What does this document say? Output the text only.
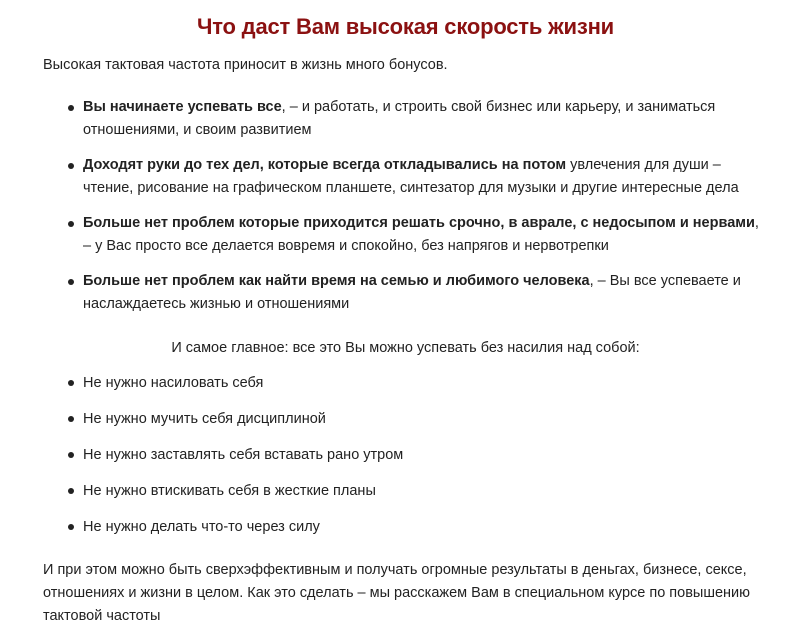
Что даст Вам высокая скорость жизни

Высокая тактовая частота приносит в жизнь много бонусов.

Вы начинаете успевать все, – и работать, и строить свой бизнес или карьеру, и заниматься отношениями, и своим развитием
Доходят руки до тех дел, которые всегда откладывались на потом увлечения для души – чтение, рисование на графическом планшете, синтезатор для музыки и другие интересные дела
Больше нет проблем которые приходится решать срочно, в аврале, с недосыпом и нервами, – у Вас просто все делается вовремя и спокойно, без напрягов и нервотрепки
Больше нет проблем как найти время на семью и любимого человека, – Вы все успеваете и наслаждаетесь жизнью и отношениями

И самое главное: все это Вы можно успевать без насилия над собой:

Не нужно насиловать себя
Не нужно мучить себя дисциплиной
Не нужно заставлять себя вставать рано утром
Не нужно втискивать себя в жесткие планы
Не нужно делать что-то через силу

И при этом можно быть сверхэффективным и получать огромные результаты в деньгах, бизнесе, сексе, отношениях и жизни в целом. Как это сделать – мы расскажем Вам в специальном курсе по повышению тактовой частоты
